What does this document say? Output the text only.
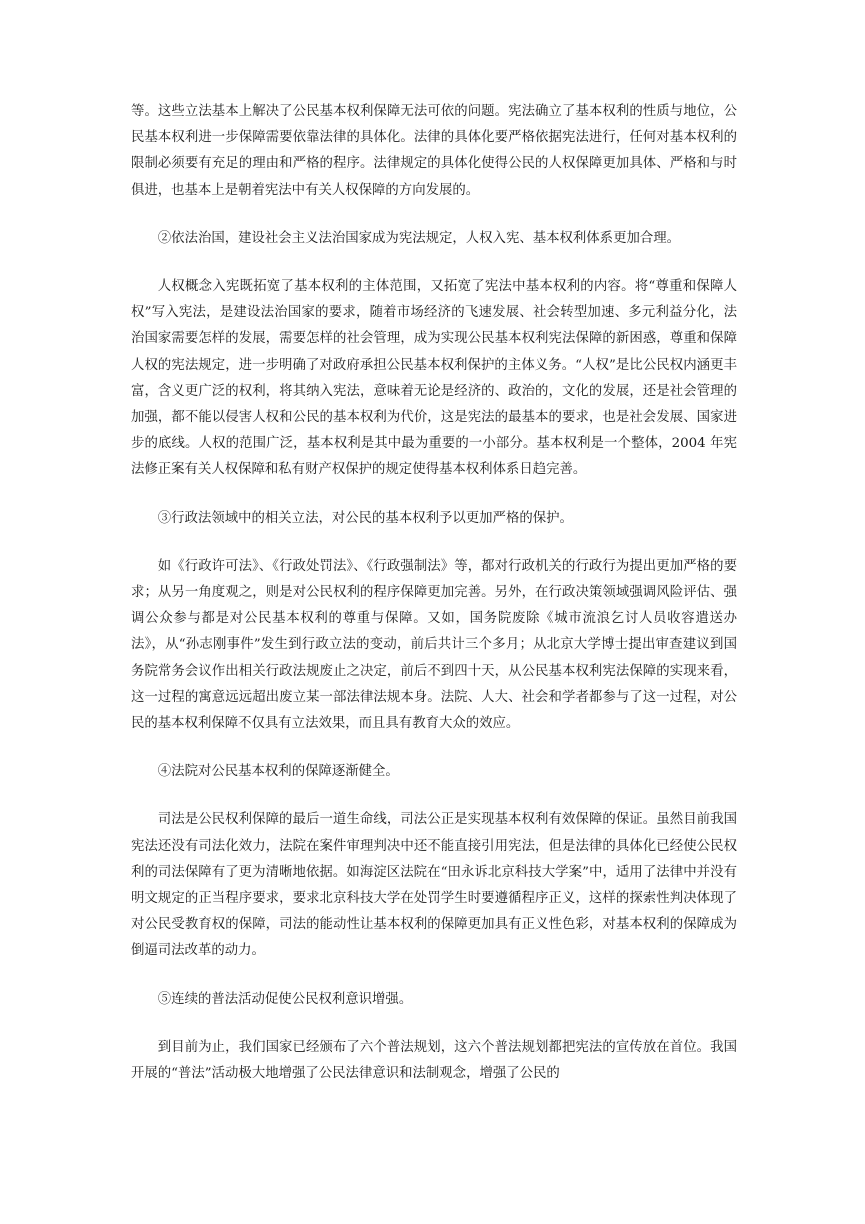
等。这些立法基本上解决了公民基本权利保障无法可依的问题。宪法确立了基本权利的性质与地位，公民基本权利进一步保障需要依靠法律的具体化。法律的具体化要严格依据宪法进行，任何对基本权利的限制必须要有充足的理由和严格的程序。法律规定的具体化使得公民的人权保障更加具体、严格和与时俱进，也基本上是朝着宪法中有关人权保障的方向发展的。

②依法治国，建设社会主义法治国家成为宪法规定，人权入宪、基本权利体系更加合理。

人权概念入宪既拓宽了基本权利的主体范围，又拓宽了宪法中基本权利的内容。将“尊重和保障人权”写入宪法，是建设法治国家的要求，随着市场经济的飞速发展、社会转型加速、多元利益分化，法治国家需要怎样的发展，需要怎样的社会管理，成为实现公民基本权利宪法保障的新困惑，尊重和保障人权的宪法规定，进一步明确了对政府承担公民基本权利保护的主体义务。“人权”是比公民权内涵更丰富，含义更广泛的权利，将其纳入宪法，意味着无论是经济的、政治的，文化的发展，还是社会管理的加强，都不能以侵害人权和公民的基本权利为代价，这是宪法的最基本的要求，也是社会发展、国家进步的底线。人权的范围广泛，基本权利是其中最为重要的一小部分。基本权利是一个整体，2004 年宪法修正案有关人权保障和私有财产权保护的规定使得基本权利体系日趋完善。

③行政法领域中的相关立法，对公民的基本权利予以更加严格的保护。

如《行政许可法》、《行政处罚法》、《行政强制法》等，都对行政机关的行政行为提出更加严格的要求；从另一角度观之，则是对公民权利的程序保障更加完善。另外，在行政决策领域强调风险评估、强调公众参与都是对公民基本权利的尊重与保障。又如，国务院废除《城市流浪乞讨人员收容遣送办法》，从“孙志刚事件”发生到行政立法的变动，前后共计三个多月；从北京大学博士提出审查建议到国务院常务会议作出相关行政法规废止之决定，前后不到四十天，从公民基本权利宪法保障的实现来看，这一过程的寓意远远超出废立某一部法律法规本身。法院、人大、社会和学者都参与了这一过程，对公民的基本权利保障不仅具有立法效果，而且具有教育大众的效应。

④法院对公民基本权利的保障逐渐健全。

司法是公民权利保障的最后一道生命线，司法公正是实现基本权利有效保障的保证。虽然目前我国宪法还没有司法化效力，法院在案件审理判决中还不能直接引用宪法，但是法律的具体化已经使公民权利的司法保障有了更为清晰地依据。如海淀区法院在“田永诉北京科技大学案”中，适用了法律中并没有明文规定的正当程序要求，要求北京科技大学在处罚学生时要遵循程序正义，这样的探索性判决体现了对公民受教育权的保障，司法的能动性让基本权利的保障更加具有正义性色彩，对基本权利的保障成为倒逼司法改革的动力。

⑤连续的普法活动促使公民权利意识增强。

到目前为止，我们国家已经颁布了六个普法规划，这六个普法规划都把宪法的宣传放在首位。我国开展的“普法”活动极大地增强了公民法律意识和法制观念，增强了公民的
